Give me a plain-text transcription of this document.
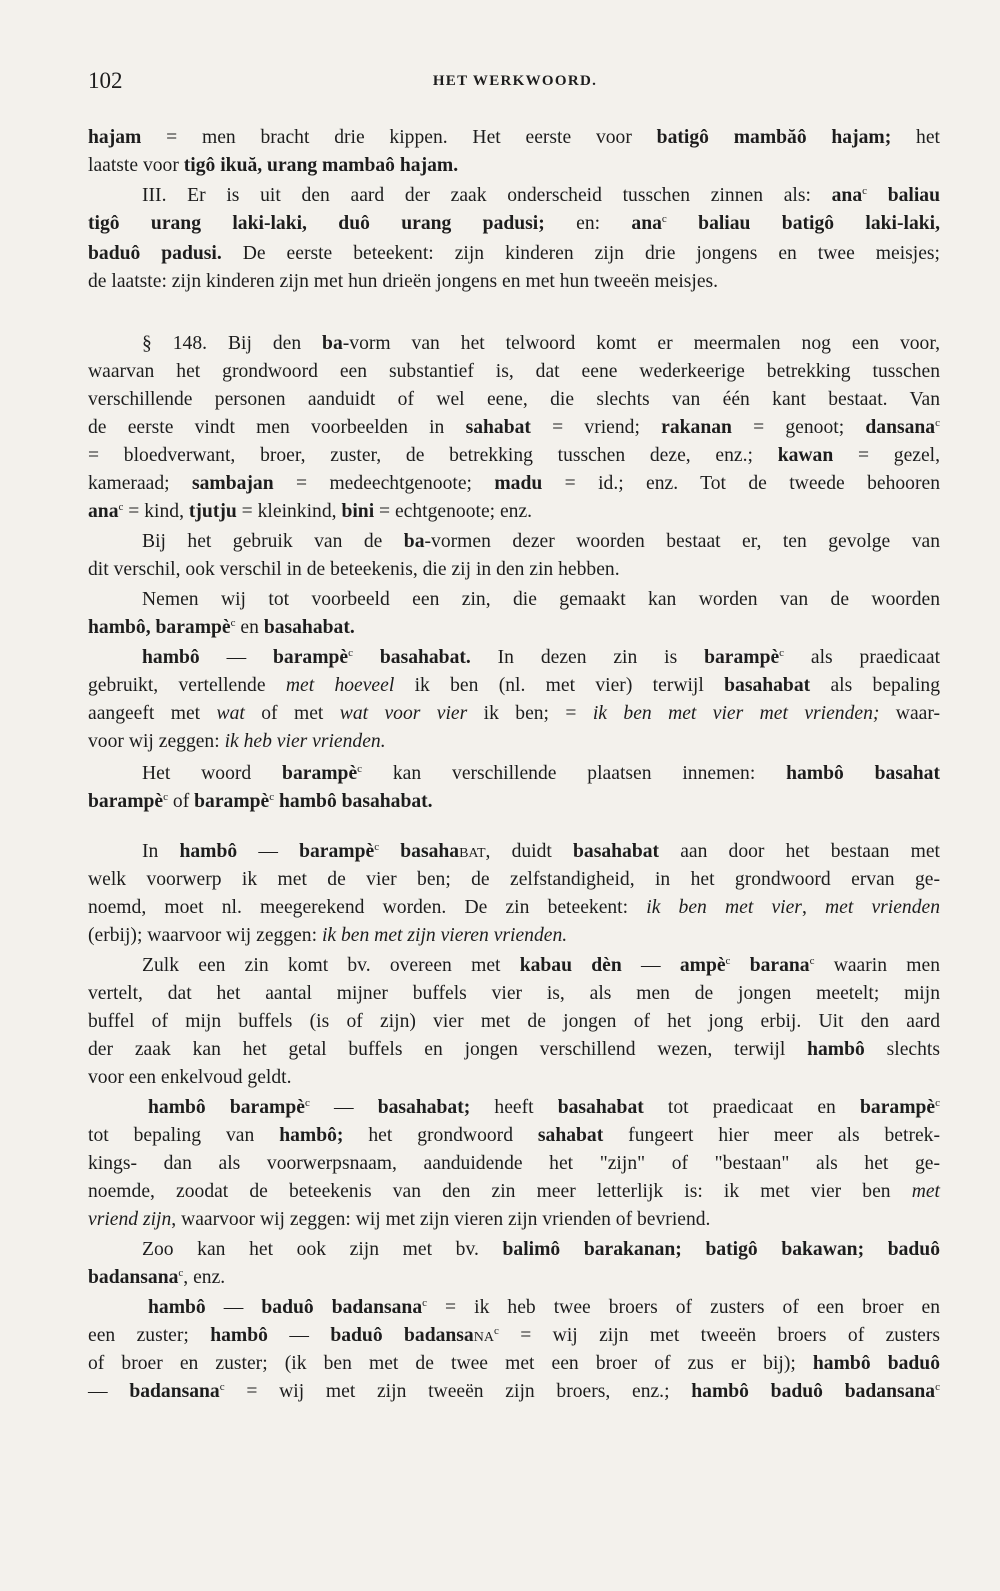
102	HET WERKWOORD.
hajam = men bracht drie kippen. Het eerste voor batigô mambăô hajam; het
laatste voor tigô ikuă, urang mambaô hajam.
III. Er is uit den aard der zaak onderscheid tusschen zinnen als: ana$^c$ baliau
tigô urang laki-laki, duô urang padusi; en: ana$^c$ baliau batigô laki-laki,
baduô padusi. De eerste beteekent: zijn kinderen zijn drie jongens en twee meisjes;
de laatste: zijn kinderen zijn met hun drieën jongens en met hun tweeën meisjes.
§ 148. Bij den ba-vorm van het telwoord komt er meermalen nog een voor,
waarvan het grondwoord een substantief is, dat eene wederkeerige betrekking tusschen
verschillende personen aanduidt of wel eene, die slechts van één kant bestaat. Van
de eerste vindt men voorbeelden in sahabat = vriend; rakanan = genoot; dansana$^c$
= bloedverwant, broer, zuster, de betrekking tusschen deze, enz.; kawan = gezel,
kameraad; sambajan = medeechtgenoote; madu = id.; enz. Tot de tweede behooren
ana$^c$ = kind, tjutju = kleinkind, bini = echtgenoote; enz.
Bij het gebruik van de ba-vormen dezer woorden bestaat er, ten gevolge van
dit verschil, ook verschil in de beteekenis, die zij in den zin hebben.
Nemen wij tot voorbeeld een zin, die gemaakt kan worden van de woorden
hambô, barampè$^c$ en basahabat.
hambô — barampè$^c$ basahabat. In dezen zin is barampè$^c$ als praedicaat
gebruikt, vertellende met hoeveel ik ben (nl. met vier) terwijl basahabat als bepaling
aangeeft met wat of met wat voor vier ik ben; = ik ben met vier met vrienden; waar-
voor wij zeggen: ik heb vier vrienden.
Het woord barampè$^c$ kan verschillende plaatsen innemen: hambô basahat
barampè$^c$ of barampè$^c$ hambô basahabat.
In hambô — barampè$^c$ basahabat, duidt basahabat aan door het bestaan met
welk voorwerp ik met de vier ben; de zelfstandigheid, in het grondwoord ervan ge-
noemd, moet nl. meegerekend worden. De zin beteekent: ik ben met vier, met vrienden
(erbij); waarvoor wij zeggen: ik ben met zijn vieren vrienden.
Zulk een zin komt bv. overeen met kabau dèn — ampè$^c$ barana$^c$ waarin men
vertelt, dat het aantal mijner buffels vier is, als men de jongen meetelt; mijn
buffel of mijn buffels (is of zijn) vier met de jongen of het jong erbij. Uit den aard
der zaak kan het getal buffels en jongen verschillend wezen, terwijl hambô slechts
voor een enkelvoud geldt.
hambô barampè$^c$ — basahabat; heeft basahabat tot praedicaat en barampè$^c$
tot bepaling van hambô; het grondwoord sahabat fungeert hier meer als betrek-
kings- dan als voorwerpsnaam, aanduidende het "zijn" of "bestaan" als het ge-
noemde, zoodat de beteekenis van den zin meer letterlijk is: ik met vier ben met
vriend zijn, waarvoor wij zeggen: wij met zijn vieren zijn vrienden of bevriend.
Zoo kan het ook zijn met bv. balimô barakanan; batigô bakawan; baduô
badansana$^c$, enz.
hambô — baduô badansana$^c$ = ik heb twee broers of zusters of een broer en
een zuster; hambô — baduô badansana$^c$ = wij zijn met tweeën broers of zusters
of broer en zuster; (ik ben met de twee met een broer of zus er bij); hambô baduô
— badansana$^c$ = wij met zijn tweeën zijn broers, enz.; hambô baduô badansana$^c$
